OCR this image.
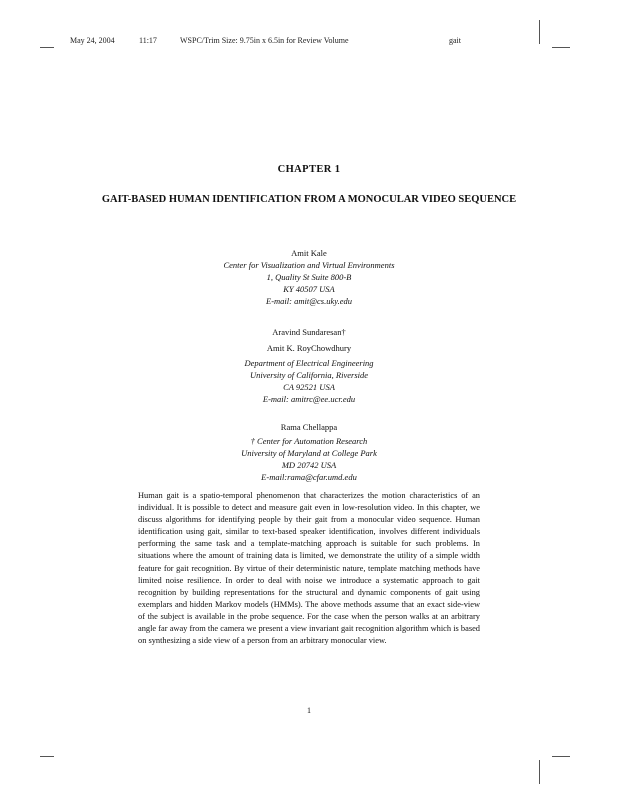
May 24, 2004	11:17	WSPC/Trim Size: 9.75in x 6.5in for Review Volume	gait
CHAPTER 1
GAIT-BASED HUMAN IDENTIFICATION FROM A MONOCULAR VIDEO SEQUENCE
Amit Kale
Center for Visualization and Virtual Environments
1, Quality St Suite 800-B
KY 40507 USA
E-mail: amit@cs.uky.edu
Aravind Sundaresan†
Amit K. RoyChowdhury
Department of Electrical Engineering
University of California, Riverside
CA 92521 USA
E-mail: amitrc@ee.ucr.edu
Rama Chellappa
† Center for Automation Research
University of Maryland at College Park
MD 20742 USA
E-mail:rama@cfar.umd.edu
Human gait is a spatio-temporal phenomenon that characterizes the motion characteristics of an individual. It is possible to detect and measure gait even in low-resolution video. In this chapter, we discuss algorithms for identifying people by their gait from a monocular video sequence. Human identification using gait, similar to text-based speaker identification, involves different individuals performing the same task and a template-matching approach is suitable for such problems. In situations where the amount of training data is limited, we demonstrate the utility of a simple width feature for gait recognition. By virtue of their deterministic nature, template matching methods have limited noise resilience. In order to deal with noise we introduce a systematic approach to gait recognition by building representations for the structural and dynamic components of gait using exemplars and hidden Markov models (HMMs). The above methods assume that an exact side-view of the subject is available in the probe sequence. For the case when the person walks at an arbitrary angle far away from the camera we present a view invariant gait recognition algorithm which is based on synthesizing a side view of a person from an arbitrary monocular view.
1
